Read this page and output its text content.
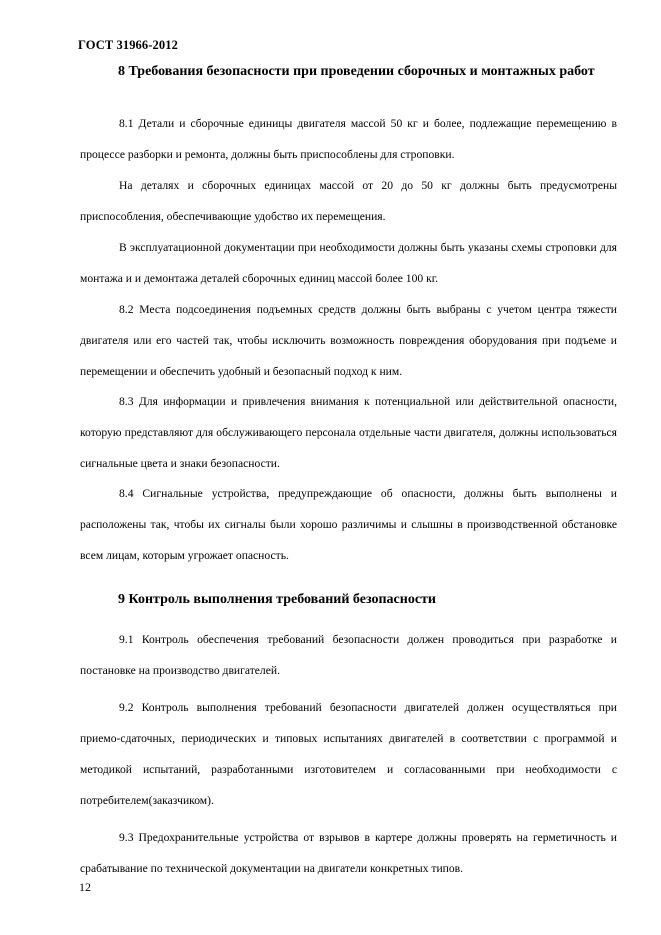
ГОСТ 31966-2012
8 Требования безопасности при проведении сборочных и монтажных работ
8.1 Детали и сборочные единицы двигателя массой 50 кг и более, подлежащие перемещению в процессе разборки и ремонта, должны быть приспособлены для строповки.
На деталях и сборочных единицах массой от 20 до 50 кг должны быть предусмотрены приспособления, обеспечивающие удобство их перемещения.
В эксплуатационной документации при необходимости должны быть указаны схемы строповки для монтажа и и демонтажа деталей сборочных единиц массой более 100 кг.
8.2 Места подсоединения подъемных средств должны быть выбраны с учетом центра тяжести двигателя или его частей так, чтобы исключить возможность повреждения оборудования при подъеме и перемещении и обеспечить удобный и безопасный подход к ним.
8.3 Для информации и привлечения внимания к потенциальной или действительной опасности, которую представляют для обслуживающего персонала отдельные части двигателя, должны использоваться сигнальные цвета и знаки безопасности.
8.4 Сигнальные устройства, предупреждающие об опасности, должны быть выполнены и расположены так, чтобы их сигналы были хорошо различимы и слышны в производственной обстановке всем лицам, которым угрожает опасность.
9 Контроль выполнения требований безопасности
9.1 Контроль обеспечения требований безопасности должен проводиться при разработке и постановке на производство двигателей.
9.2 Контроль выполнения требований безопасности двигателей должен осуществляться при приемо-сдаточных, периодических и типовых испытаниях двигателей в соответствии с программой и методикой испытаний, разработанными изготовителем и согласованными при необходимости с потребителем(заказчиком).
9.3 Предохранительные устройства от взрывов в картере должны проверять на герметичность и срабатывание по технической документации на двигатели конкретных типов.
12
